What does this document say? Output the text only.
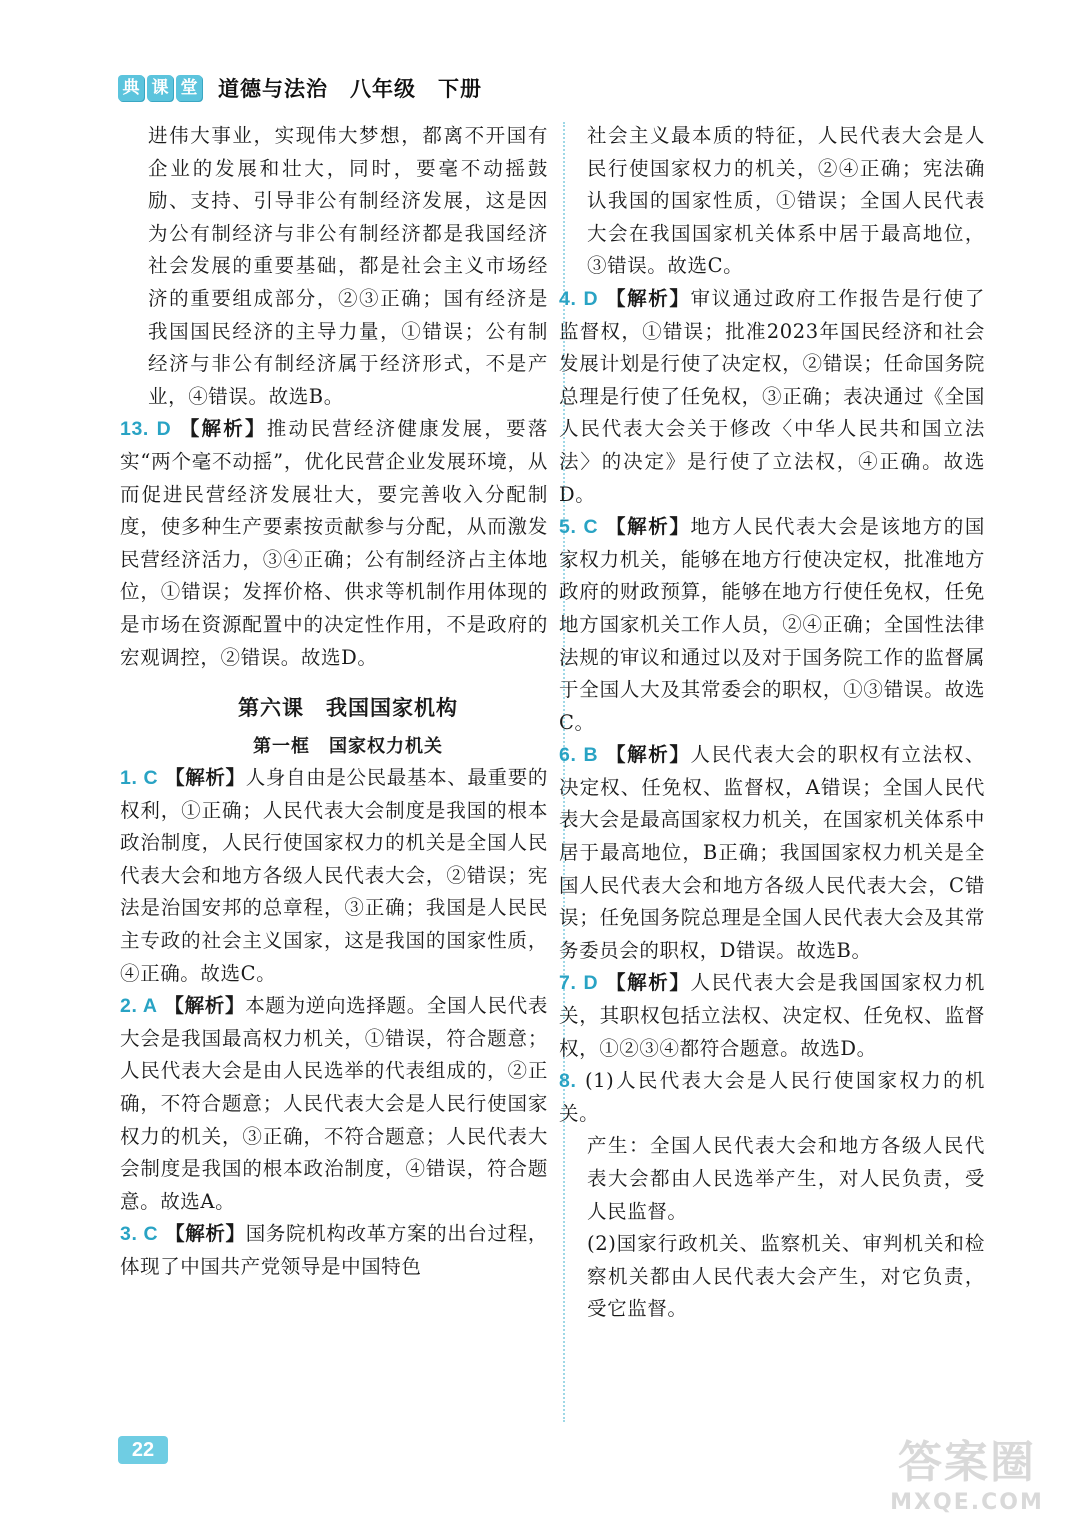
典 课 堂 道德与法治　八年级　下册

进伟大事业，实现伟大梦想，都离不开国有企业的发展和壮大，同时，要毫不动摇鼓励、支持、引导非公有制经济发展，这是因为公有制经济与非公有制经济都是我国经济社会发展的重要基础，都是社会主义市场经济的重要组成部分，②③正确；国有经济是我国国民经济的主导力量，①错误；公有制经济与非公有制经济属于经济形式，不是产业，④错误。故选B。

13. D 【解析】推动民营经济健康发展，要落实“两个毫不动摇”，优化民营企业发展环境，从而促进民营经济发展壮大，要完善收入分配制度，使多种生产要素按贡献参与分配，从而激发民营经济活力，③④正确；公有制经济占主体地位，①错误；发挥价格、供求等机制作用体现的是市场在资源配置中的决定性作用，不是政府的宏观调控，②错误。故选D。

第六课　我国国家机构
第一框　国家权力机关

1. C 【解析】人身自由是公民最基本、最重要的权利，①正确；人民代表大会制度是我国的根本政治制度，人民行使国家权力的机关是全国人民代表大会和地方各级人民代表大会，②错误；宪法是治国安邦的总章程，③正确；我国是人民民主专政的社会主义国家，这是我国的国家性质，④正确。故选C。

2. A 【解析】本题为逆向选择题。全国人民代表大会是我国最高权力机关，①错误，符合题意；人民代表大会是由人民选举的代表组成的，②正确，不符合题意；人民代表大会是人民行使国家权力的机关，③正确，不符合题意；人民代表大会制度是我国的根本政治制度，④错误，符合题意。故选A。

3. C 【解析】国务院机构改革方案的出台过程，体现了中国共产党领导是中国特色

社会主义最本质的特征，人民代表大会是人民行使国家权力的机关，②④正确；宪法确认我国的国家性质，①错误；全国人民代表大会在我国国家机关体系中居于最高地位，③错误。故选C。

4. D 【解析】审议通过政府工作报告是行使了监督权，①错误；批准2023年国民经济和社会发展计划是行使了决定权，②错误；任命国务院总理是行使了任免权，③正确；表决通过《全国人民代表大会关于修改〈中华人民共和国立法法〉的决定》是行使了立法权，④正确。故选D。

5. C 【解析】地方人民代表大会是该地方的国家权力机关，能够在地方行使决定权，批准地方政府的财政预算，能够在地方行使任免权，任免地方国家机关工作人员，②④正确；全国性法律法规的审议和通过以及对于国务院工作的监督属于全国人大及其常委会的职权，①③错误。故选C。

6. B 【解析】人民代表大会的职权有立法权、决定权、任免权、监督权，A错误；全国人民代表大会是最高国家权力机关，在国家机关体系中居于最高地位，B正确；我国国家权力机关是全国人民代表大会和地方各级人民代表大会，C错误；任免国务院总理是全国人民代表大会及其常务委员会的职权，D错误。故选B。

7. D 【解析】人民代表大会是我国国家权力机关，其职权包括立法权、决定权、任免权、监督权，①②③④都符合题意。故选D。

8. (1)人民代表大会是人民行使国家权力的机关。

产生：全国人民代表大会和地方各级人民代表大会都由人民选举产生，对人民负责，受人民监督。

(2)国家行政机关、监察机关、审判机关和检察机关都由人民代表大会产生，对它负责，受它监督。

22	答案圈
MXQE.COM
